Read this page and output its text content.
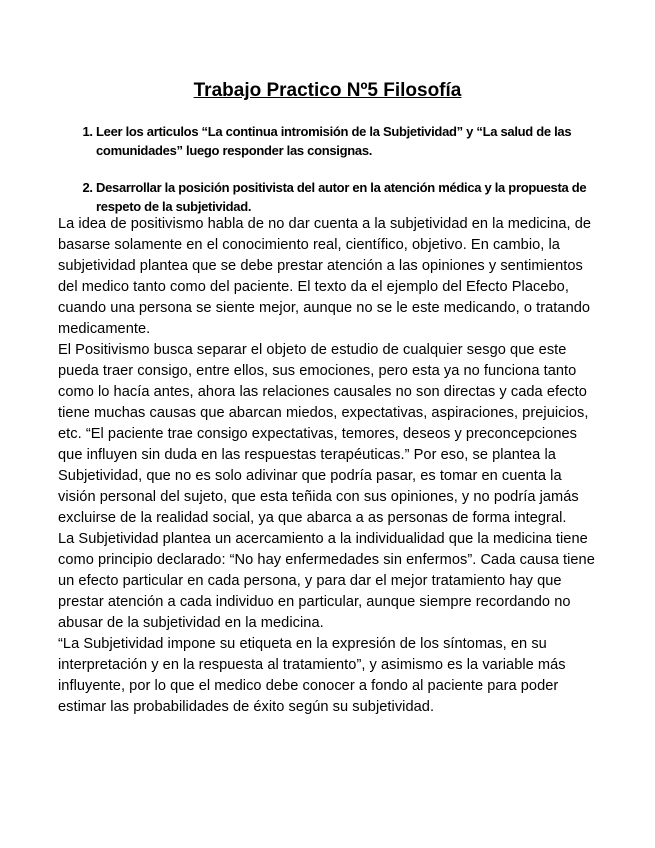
Trabajo Practico Nº5 Filosofía
1. Leer los articulos “La continua intromisión de la Subjetividad” y “La salud de las comunidades” luego responder las consignas.
2. Desarrollar la posición positivista del autor en la atención médica y la propuesta de respeto de la subjetividad.

La idea de positivismo habla de no dar cuenta a la subjetividad en la medicina, de basarse solamente en el conocimiento real, científico, objetivo. En cambio, la subjetividad plantea que se debe prestar atención a las opiniones y sentimientos del medico tanto como del paciente. El texto da el ejemplo del Efecto Placebo, cuando una persona se siente mejor, aunque no se le este medicando, o tratando medicamente.

El Positivismo busca separar el objeto de estudio de cualquier sesgo que este pueda traer consigo, entre ellos, sus emociones, pero esta ya no funciona tanto como lo hacía antes, ahora las relaciones causales no son directas y cada efecto tiene muchas causas que abarcan miedos, expectativas, aspiraciones, prejuicios, etc. “El paciente trae consigo expectativas, temores, deseos y preconcepciones que influyen sin duda en las respuestas terapéuticas.” Por eso, se plantea la Subjetividad, que no es solo adivinar que podría pasar, es tomar en cuenta la visión personal del sujeto, que esta teñida con sus opiniones, y no podría jamás excluirse de la realidad social, ya que abarca a as personas de forma integral.

La Subjetividad plantea un acercamiento a la individualidad que la medicina tiene como principio declarado: “No hay enfermedades sin enfermos”. Cada causa tiene un efecto particular en cada persona, y para dar el mejor tratamiento hay que prestar atención a cada individuo en particular, aunque siempre recordando no abusar de la subjetividad en la medicina.

“La Subjetividad impone su etiqueta en la expresión de los síntomas, en su interpretación y en la respuesta al tratamiento”, y asimismo es la variable más influyente, por lo que el medico debe conocer a fondo al paciente para poder estimar las probabilidades de éxito según su subjetividad.
